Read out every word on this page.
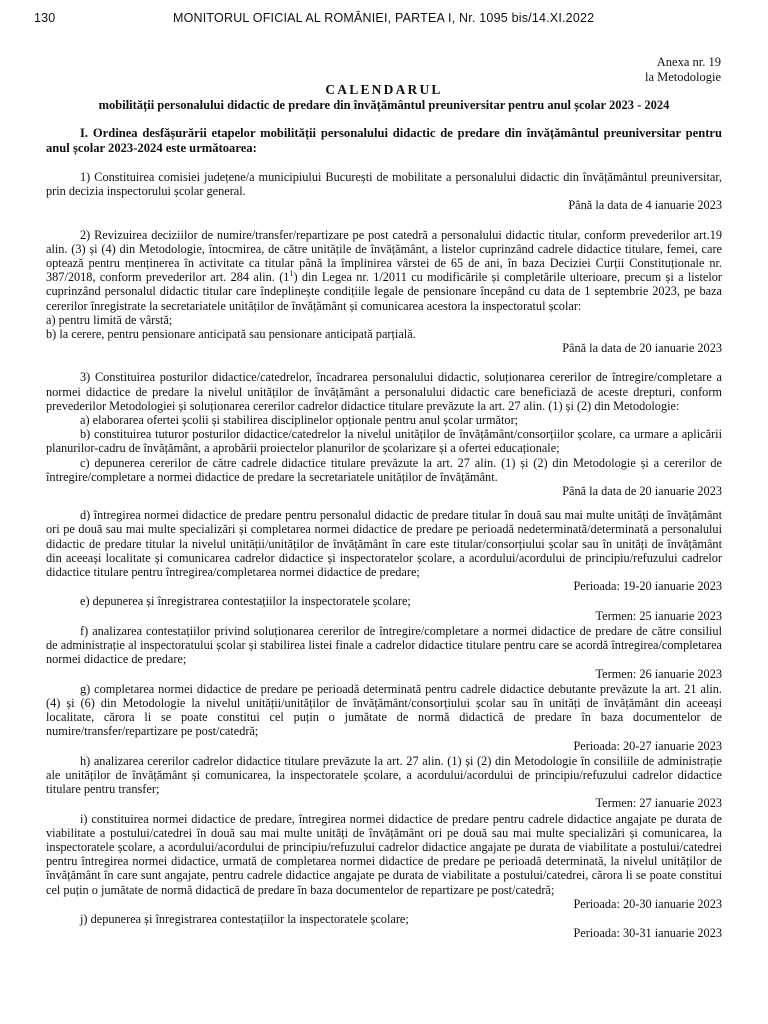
130	MONITORUL OFICIAL AL ROMÂNIEI, PARTEA I, Nr. 1095 bis/14.XI.2022
Anexa nr. 19
la Metodologie
CALENDARUL
mobilității personalului didactic de predare din învățământul preuniversitar pentru anul școlar 2023 - 2024

I. Ordinea desfășurării etapelor mobilității personalului didactic de predare din învățământul preuniversitar pentru anul școlar 2023-2024 este următoarea:

1) Constituirea comisiei județene/a municipiului București de mobilitate a personalului didactic din învățământul preuniversitar, prin decizia inspectorului școlar general.

Până la data de 4 ianuarie 2023

2) Revizuirea deciziilor de numire/transfer/repartizare pe post catedră a personalului didactic titular, conform prevederilor art.19 alin. (3) și (4) din Metodologie, întocmirea, de către unitățile de învățământ, a listelor cuprinzând cadrele didactice titulare, femei, care optează pentru menținerea în activitate ca titular până la împlinirea vârstei de 65 de ani, în baza Deciziei Curții Constituționale nr. 387/2018, conform prevederilor art. 284 alin. $(1^1)$ din Legea nr. 1/2011 cu modificările și completările ulterioare, precum și a listelor cuprinzând personalul didactic titular care îndeplinește condițiile legale de pensionare începând cu data de 1 septembrie 2023, pe baza cererilor înregistrate la secretariatele unităților de învățământ și comunicarea acestora la inspectoratul școlar:

a) pentru limită de vârstă;

b) la cerere, pentru pensionare anticipată sau pensionare anticipată parțială.

Până la data de 20 ianuarie 2023

3) Constituirea posturilor didactice/catedrelor, încadrarea personalului didactic, soluționarea cererilor de întregire/completare a normei didactice de predare la nivelul unităților de învățământ a personalului didactic care beneficiază de aceste drepturi, conform prevederilor Metodologiei și soluționarea cererilor cadrelor didactice titulare prevăzute la art. 27 alin. (1) și (2) din Metodologie:

a) elaborarea ofertei școlii și stabilirea disciplinelor opționale pentru anul școlar următor;

b) constituirea tuturor posturilor didactice/catedrelor la nivelul unităților de învățământ/consorțiilor școlare, ca urmare a aplicării planurilor-cadru de învățământ, a aprobării proiectelor planurilor de școlarizare și a ofertei educaționale;

c) depunerea cererilor de către cadrele didactice titulare prevăzute la art. 27 alin. (1) și (2) din Metodologie și a cererilor de întregire/completare a normei didactice de predare la secretariatele unităților de învățământ.

Până la data de 20 ianuarie 2023

d) întregirea normei didactice de predare pentru personalul didactic de predare titular în două sau mai multe unități de învățământ ori pe două sau mai multe specializări și completarea normei didactice de predare pe perioadă nedeterminată/determinată a personalului didactic de predare titular la nivelul unității/unităților de învățământ în care este titular/consorțiului școlar sau în unități de învățământ din aceeași localitate și comunicarea cadrelor didactice și inspectoratelor școlare, a acordului/acordului de principiu/refuzului cadrelor didactice titulare pentru întregirea/completarea normei didactice de predare;

Perioada: 19-20 ianuarie 2023

e) depunerea și înregistrarea contestațiilor la inspectoratele școlare;

Termen: 25 ianuarie 2023

f) analizarea contestațiilor privind soluționarea cererilor de întregire/completare a normei didactice de predare de către consiliul de administrație al inspectoratului școlar și stabilirea listei finale a cadrelor didactice titulare pentru care se acordă întregirea/completarea normei didactice de predare;

Termen: 26 ianuarie 2023

g) completarea normei didactice de predare pe perioadă determinată pentru cadrele didactice debutante prevăzute la art. 21 alin. (4) și (6) din Metodologie la nivelul unității/unităților de învățământ/consorțiului școlar sau în unități de învățământ din aceeași localitate, cărora li se poate constitui cel puțin o jumătate de normă didactică de predare în baza documentelor de numire/transfer/repartizare pe post/catedră;

Perioada: 20-27 ianuarie 2023

h) analizarea cererilor cadrelor didactice titulare prevăzute la art. 27 alin. (1) și (2) din Metodologie în consiliile de administrație ale unităților de învățământ și comunicarea, la inspectoratele școlare, a acordului/acordului de principiu/refuzului cadrelor didactice titulare pentru transfer;

Termen: 27 ianuarie 2023

i) constituirea normei didactice de predare, întregirea normei didactice de predare pentru cadrele didactice angajate pe durata de viabilitate a postului/catedrei în două sau mai multe unități de învățământ ori pe două sau mai multe specializări și comunicarea, la inspectoratele școlare, a acordului/acordului de principiu/refuzului cadrelor didactice angajate pe durata de viabilitate a postului/catedrei pentru întregirea normei didactice, urmată de completarea normei didactice de predare pe perioadă determinată, la nivelul unităților de învățământ în care sunt angajate, pentru cadrele didactice angajate pe durata de viabilitate a postului/catedrei, cărora li se poate constitui cel puțin o jumătate de normă didactică de predare în baza documentelor de repartizare pe post/catedră;

Perioada: 20-30 ianuarie 2023

j) depunerea și înregistrarea contestațiilor la inspectoratele școlare;

Perioada: 30-31 ianuarie 2023
